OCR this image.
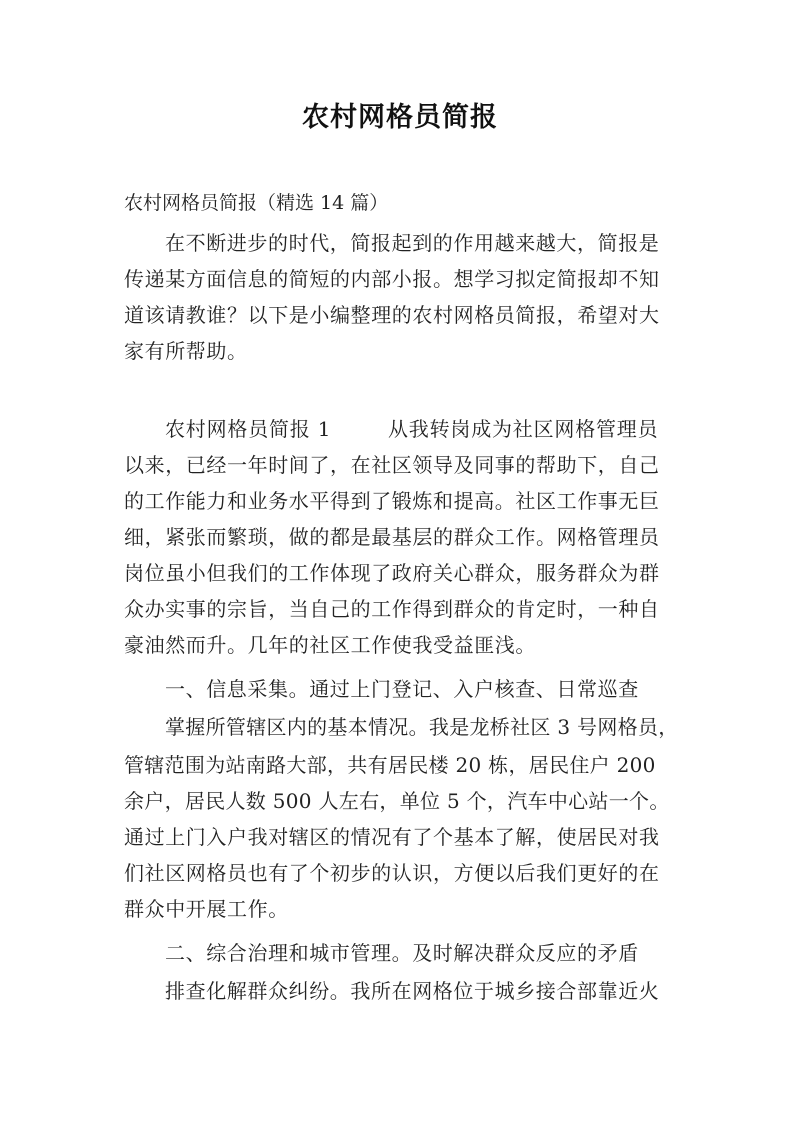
农村网格员简报
农村网格员简报（精选 14 篇）
在不断进步的时代，简报起到的作用越来越大，简报是
传递某方面信息的简短的内部小报。想学习拟定简报却不知
道该请教谁？以下是小编整理的农村网格员简报，希望对大
家有所帮助。
农村网格员简报 1	从我转岗成为社区网格管理员
以来，已经一年时间了，在社区领导及同事的帮助下，自己
的工作能力和业务水平得到了锻炼和提高。社区工作事无巨
细，紧张而繁琐，做的都是最基层的群众工作。网格管理员
岗位虽小但我们的工作体现了政府关心群众，服务群众为群
众办实事的宗旨，当自己的工作得到群众的肯定时，一种自
豪油然而升。几年的社区工作使我受益匪浅。
一、信息采集。通过上门登记、入户核查、日常巡查
掌握所管辖区内的基本情况。我是龙桥社区 3 号网格员，
管辖范围为站南路大部，共有居民楼 20 栋，居民住户 200
余户，居民人数 500 人左右，单位 5 个，汽车中心站一个。
通过上门入户我对辖区的情况有了个基本了解，使居民对我
们社区网格员也有了个初步的认识，方便以后我们更好的在
群众中开展工作。
二、综合治理和城市管理。及时解决群众反应的矛盾
排查化解群众纠纷。我所在网格位于城乡接合部靠近火
